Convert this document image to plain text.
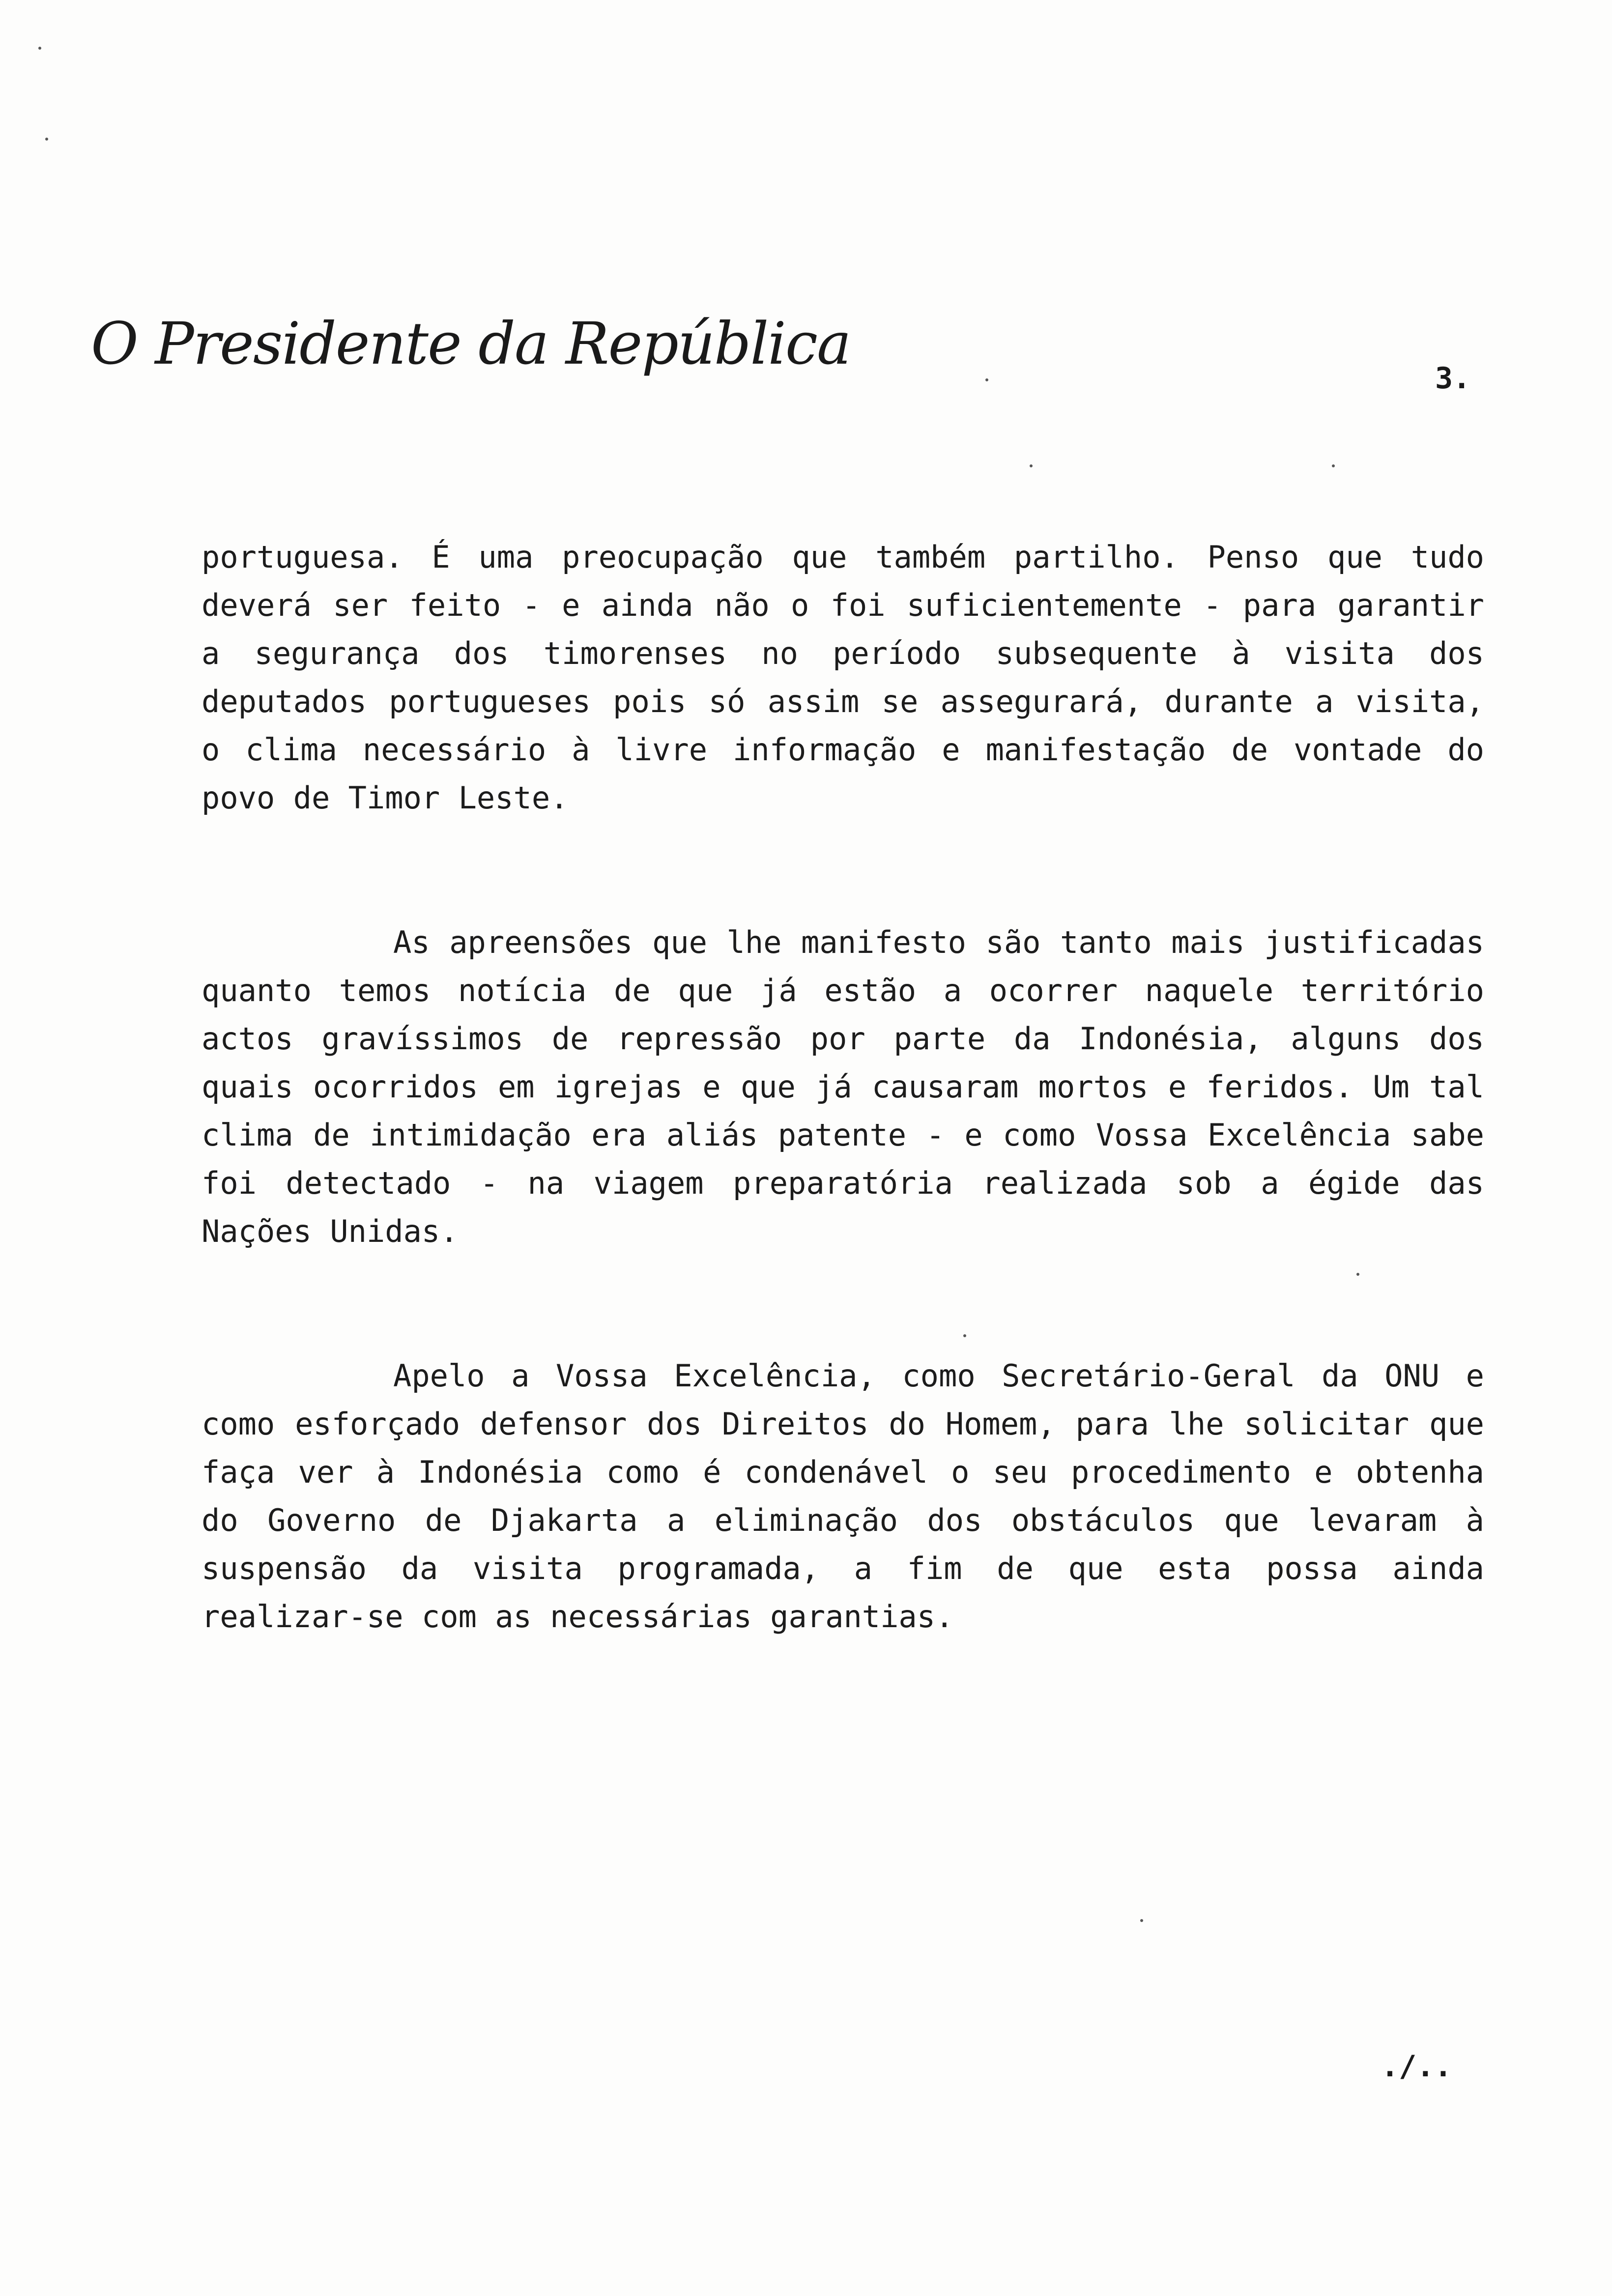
O Presidente da República
3.

portuguesa. É uma preocupação que também partilho. Penso que tudo deverá ser feito - e ainda não o foi suficientemente - para garantir a segurança dos timorenses no período subsequente à visita dos deputados portugueses pois só assim se assegurará, durante a visita, o clima necessário à livre informação e manifestação de vontade do povo de Timor Leste.

As apreensões que lhe manifesto são tanto mais justificadas quanto temos notícia de que já estão a ocorrer naquele território actos gravíssimos de repressão por parte da Indonésia, alguns dos quais ocorridos em igrejas e que já causaram mortos e feridos. Um tal clima de intimidação era aliás patente - e como Vossa Excelência sabe foi detectado - na viagem preparatória realizada sob a égide das Nações Unidas.

Apelo a Vossa Excelência, como Secretário-Geral da ONU e como esforçado defensor dos Direitos do Homem, para lhe solicitar que faça ver à Indonésia como é condenável o seu procedimento e obtenha do Governo de Djakarta a eliminação dos obstáculos que levaram à suspensão da visita programada, a fim de que esta possa ainda realizar-se com as necessárias garantias.

./..
